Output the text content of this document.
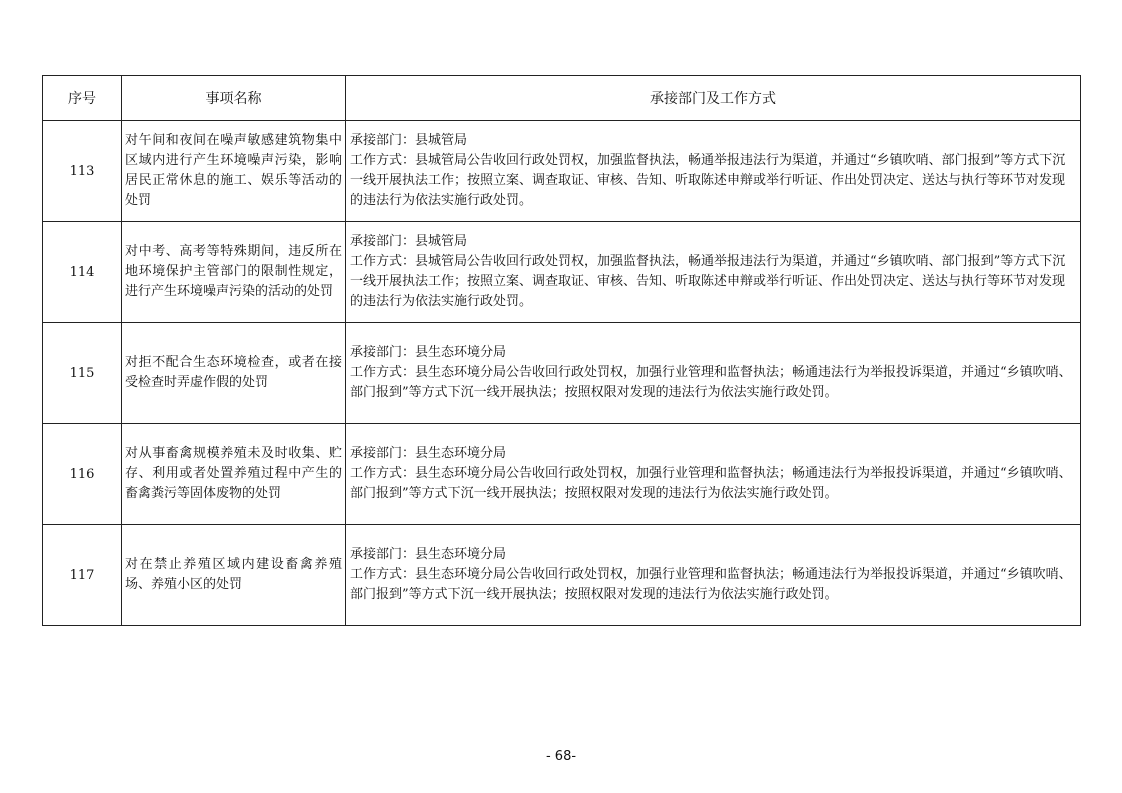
序号	事项名称	承接部门及工作方式
113	对午间和夜间在噪声敏感建筑物集中区域内进行产生环境噪声污染，影响居民正常休息的施工、娱乐等活动的处罚	承接部门：县城管局
工作方式：县城管局公告收回行政处罚权，加强监督执法，畅通举报违法行为渠道，并通过“乡镇吹哨、部门报到”等方式下沉一线开展执法工作；按照立案、调查取证、审核、告知、听取陈述申辩或举行听证、作出处罚决定、送达与执行等环节对发现的违法行为依法实施行政处罚。

114	对中考、高考等特殊期间，违反所在地环境保护主管部门的限制性规定，进行产生环境噪声污染的活动的处罚	承接部门：县城管局
工作方式：县城管局公告收回行政处罚权，加强监督执法，畅通举报违法行为渠道，并通过“乡镇吹哨、部门报到”等方式下沉一线开展执法工作；按照立案、调查取证、审核、告知、听取陈述申辩或举行听证、作出处罚决定、送达与执行等环节对发现的违法行为依法实施行政处罚。

115	对拒不配合生态环境检查，或者在接受检查时弄虚作假的处罚	承接部门：县生态环境分局
工作方式：县生态环境分局公告收回行政处罚权，加强行业管理和监督执法；畅通违法行为举报投诉渠道，并通过“乡镇吹哨、部门报到”等方式下沉一线开展执法；按照权限对发现的违法行为依法实施行政处罚。

116	对从事畜禽规模养殖未及时收集、贮存、利用或者处置养殖过程中产生的畜禽粪污等固体废物的处罚	承接部门：县生态环境分局
工作方式：县生态环境分局公告收回行政处罚权，加强行业管理和监督执法；畅通违法行为举报投诉渠道，并通过“乡镇吹哨、部门报到”等方式下沉一线开展执法；按照权限对发现的违法行为依法实施行政处罚。

117	对在禁止养殖区域内建设畜禽养殖场、养殖小区的处罚	承接部门：县生态环境分局
工作方式：县生态环境分局公告收回行政处罚权，加强行业管理和监督执法；畅通违法行为举报投诉渠道，并通过“乡镇吹哨、部门报到”等方式下沉一线开展执法；按照权限对发现的违法行为依法实施行政处罚。
- 68-
